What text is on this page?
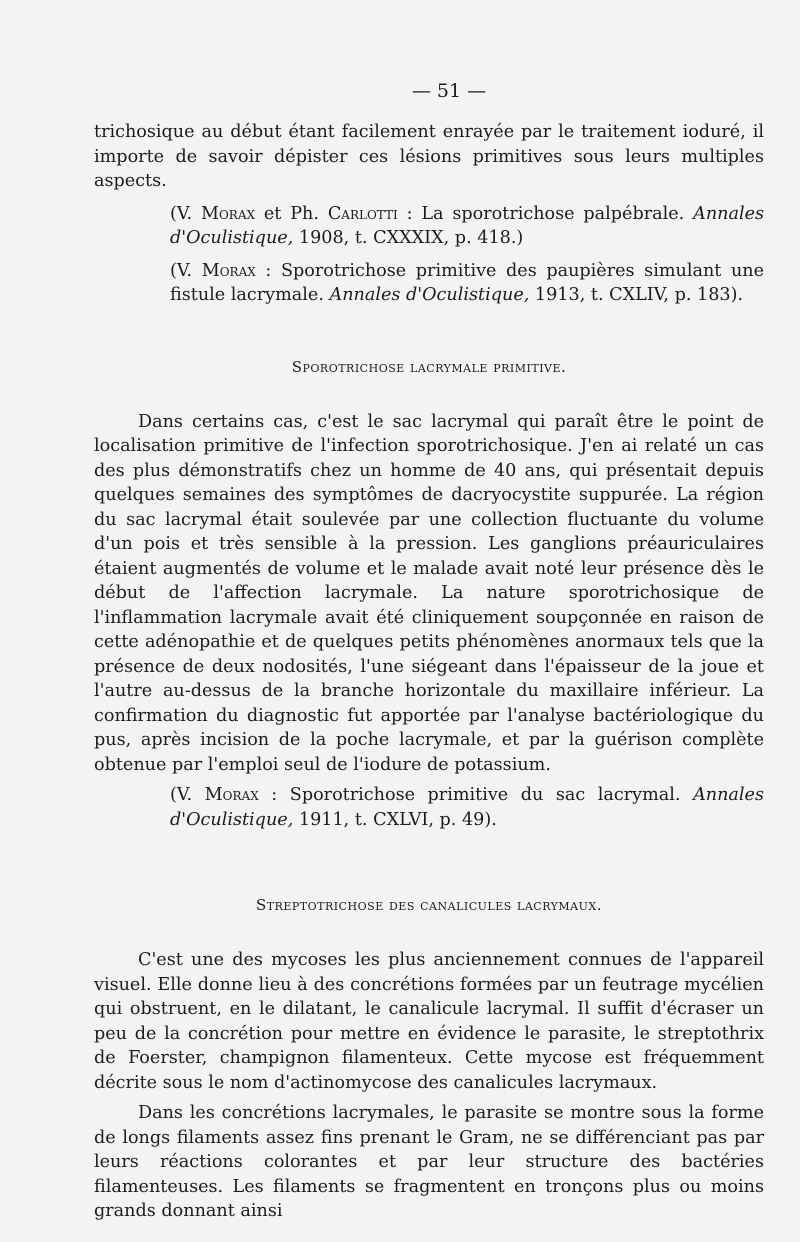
— 51 —

trichosique au début étant facilement enrayée par le traitement ioduré, il importe de savoir dépister ces lésions primitives sous leurs multiples aspects.

(V. Morax et Ph. Carlotti : La sporotrichose palpébrale. Annales d'Oculistique, 1908, t. CXXXIX, p. 418.)

(V. Morax : Sporotrichose primitive des paupières simulant une fistule lacrymale. Annales d'Oculistique, 1913, t. CXLIV, p. 183).

Sporotrichose lacrymale primitive.

Dans certains cas, c'est le sac lacrymal qui paraît être le point de localisation primitive de l'infection sporotrichosique. J'en ai relaté un cas des plus démonstratifs chez un homme de 40 ans, qui présentait depuis quelques semaines des symptômes de dacryocystite suppurée. La région du sac lacrymal était soulevée par une collection fluctuante du volume d'un pois et très sensible à la pression. Les ganglions préauriculaires étaient augmentés de volume et le malade avait noté leur présence dès le début de l'affection lacrymale. La nature sporotrichosique de l'inflammation lacrymale avait été cliniquement soupçonnée en raison de cette adénopathie et de quelques petits phénomènes anormaux tels que la présence de deux nodosités, l'une siégeant dans l'épaisseur de la joue et l'autre au-dessus de la branche horizontale du maxillaire inférieur. La confirmation du diagnostic fut apportée par l'analyse bactériologique du pus, après incision de la poche lacrymale, et par la guérison complète obtenue par l'emploi seul de l'iodure de potassium.

(V. Morax : Sporotrichose primitive du sac lacrymal. Annales d'Oculistique, 1911, t. CXLVI, p. 49).

Streptotrichose des canalicules lacrymaux.

C'est une des mycoses les plus anciennement connues de l'appareil visuel. Elle donne lieu à des concrétions formées par un feutrage mycélien qui obstruent, en le dilatant, le canalicule lacrymal. Il suffit d'écraser un peu de la concrétion pour mettre en évidence le parasite, le streptothrix de Foerster, champignon filamenteux. Cette mycose est fréquemment décrite sous le nom d'actinomycose des canalicules lacrymaux.

Dans les concrétions lacrymales, le parasite se montre sous la forme de longs filaments assez fins prenant le Gram, ne se différenciant pas par leurs réactions colorantes et par leur structure des bactéries filamenteuses. Les filaments se fragmentent en tronçons plus ou moins grands donnant ainsi
